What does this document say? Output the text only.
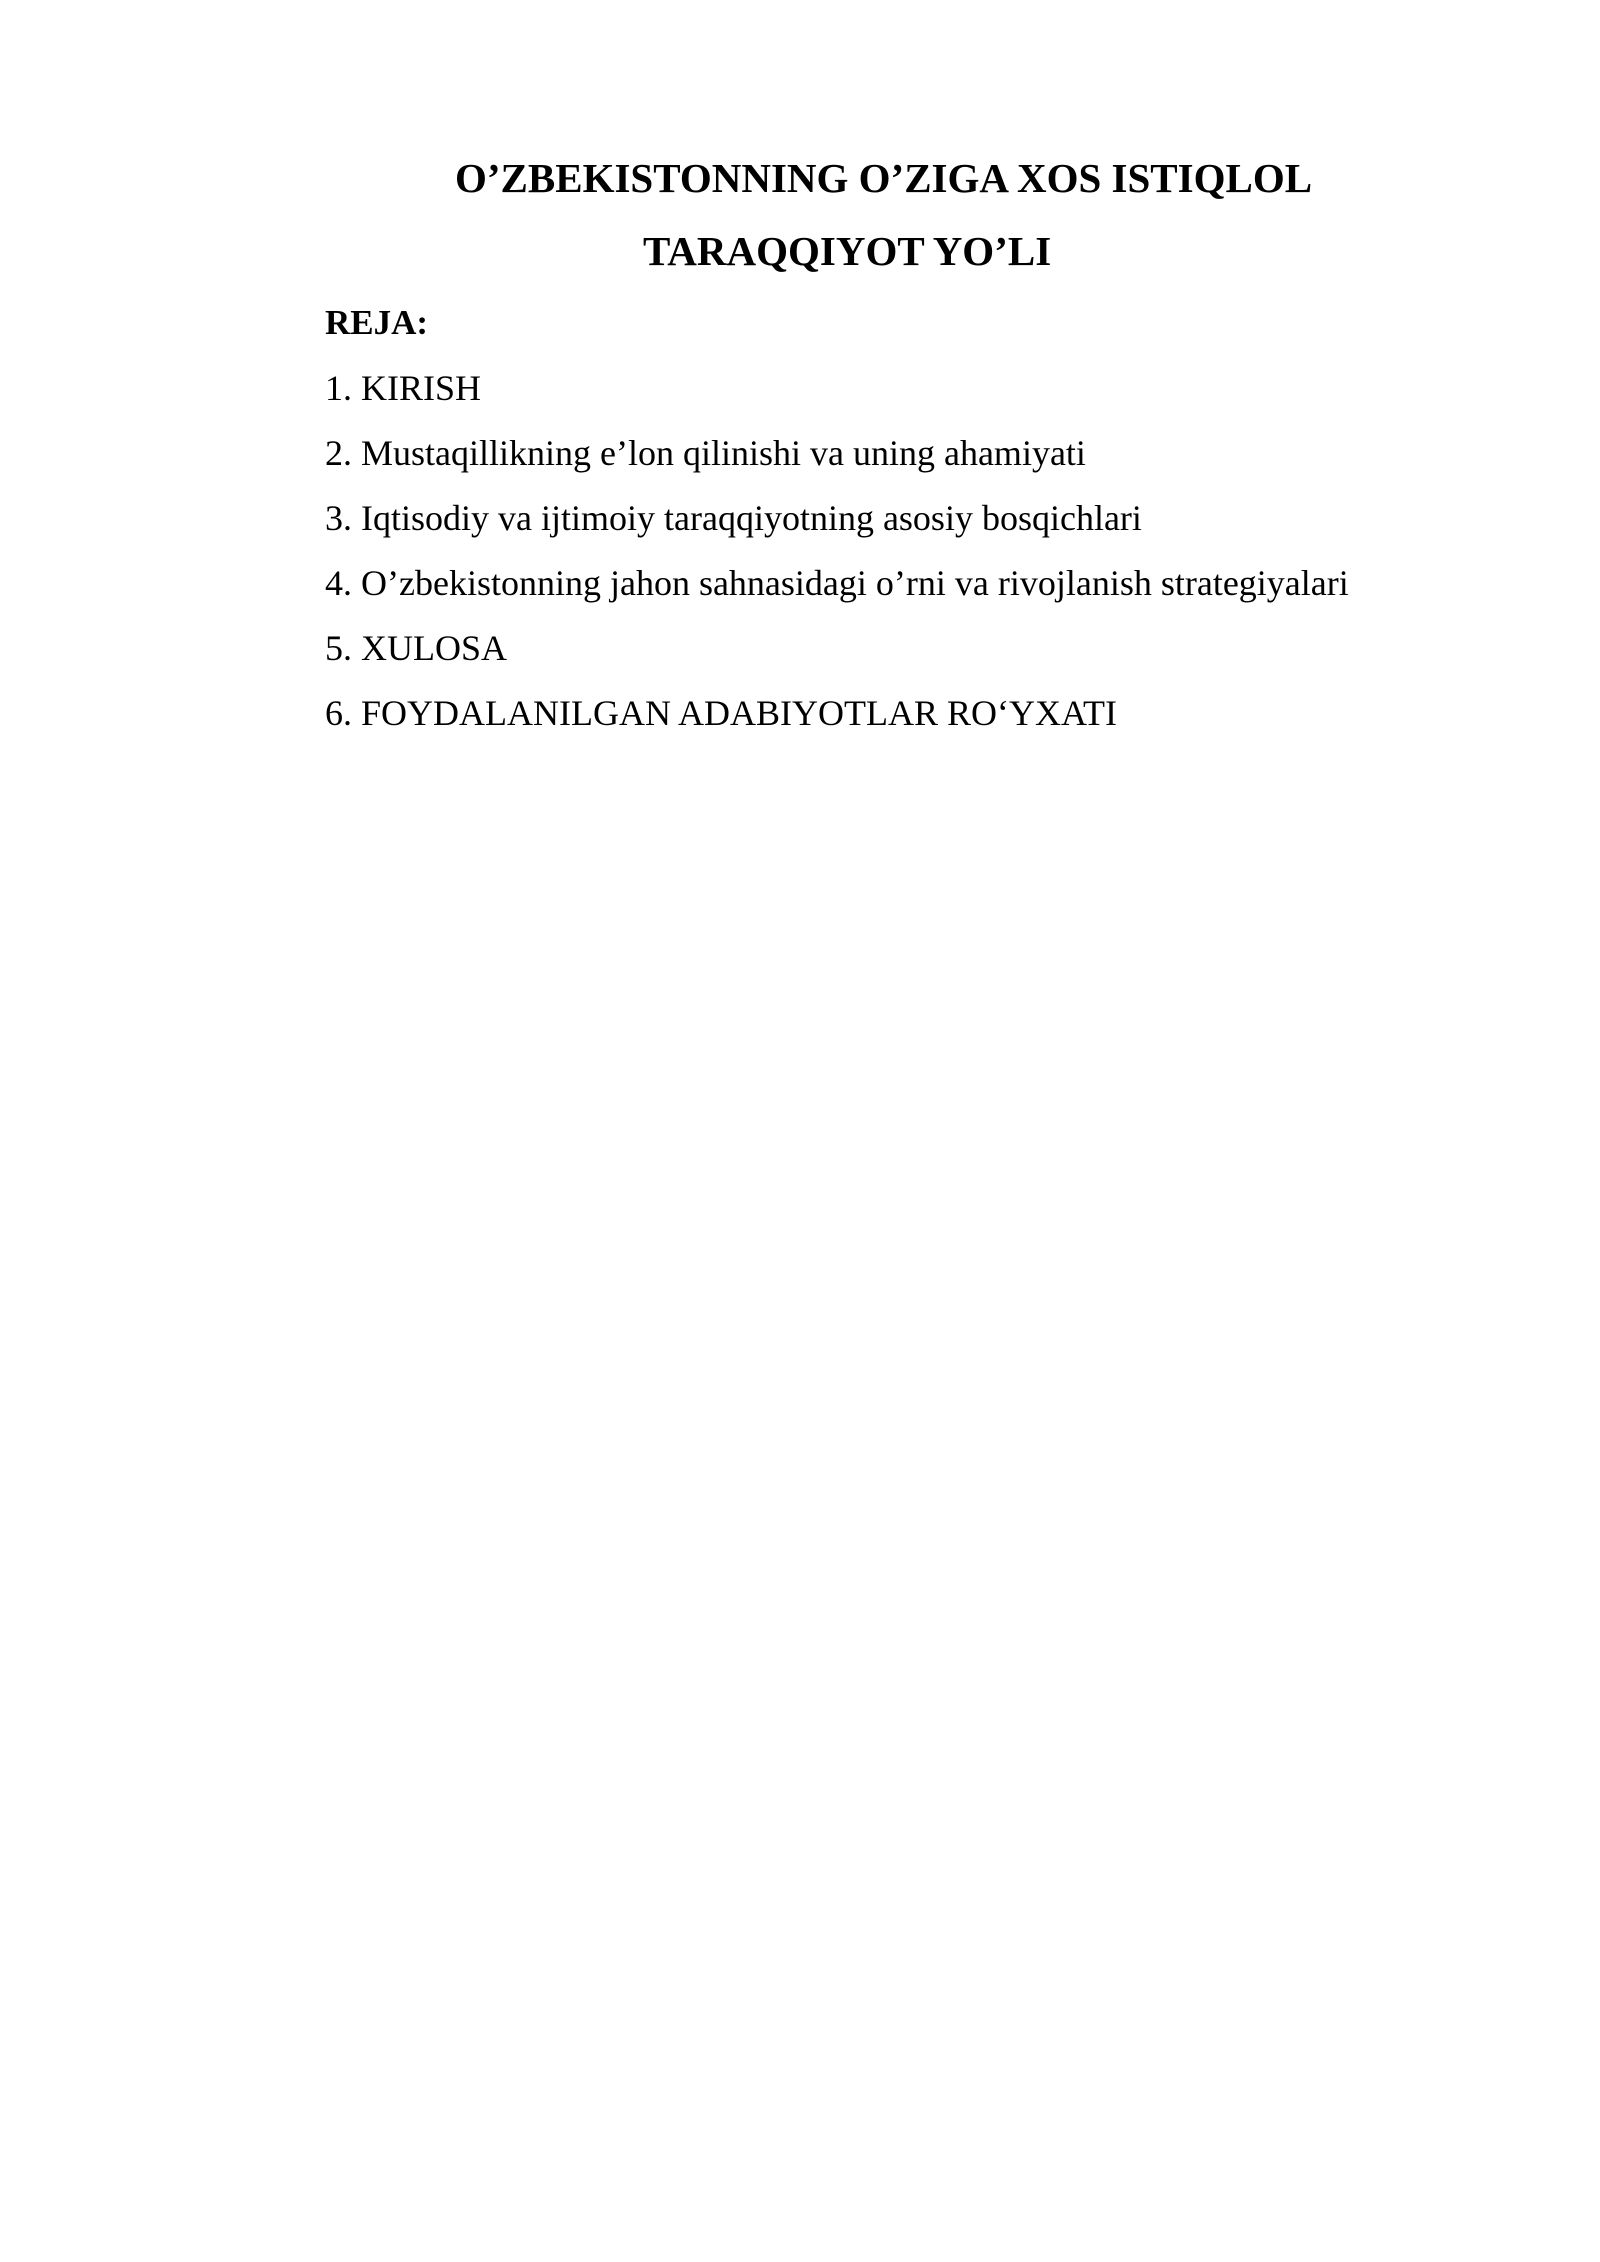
O’ZBEKISTONNING O’ZIGA XOS ISTIQLOL
TARAQQIYOT YO’LI
REJA:
1. KIRISH
2. Mustaqillikning e’lon qilinishi va uning ahamiyati
3. Iqtisodiy va ijtimoiy taraqqiyotning asosiy bosqichlari
4. O’zbekistonning jahon sahnasidagi o’rni va rivojlanish strategiyalari
5. XULOSA
6. FOYDALANILGAN ADABIYOTLAR RO‘YXATI
